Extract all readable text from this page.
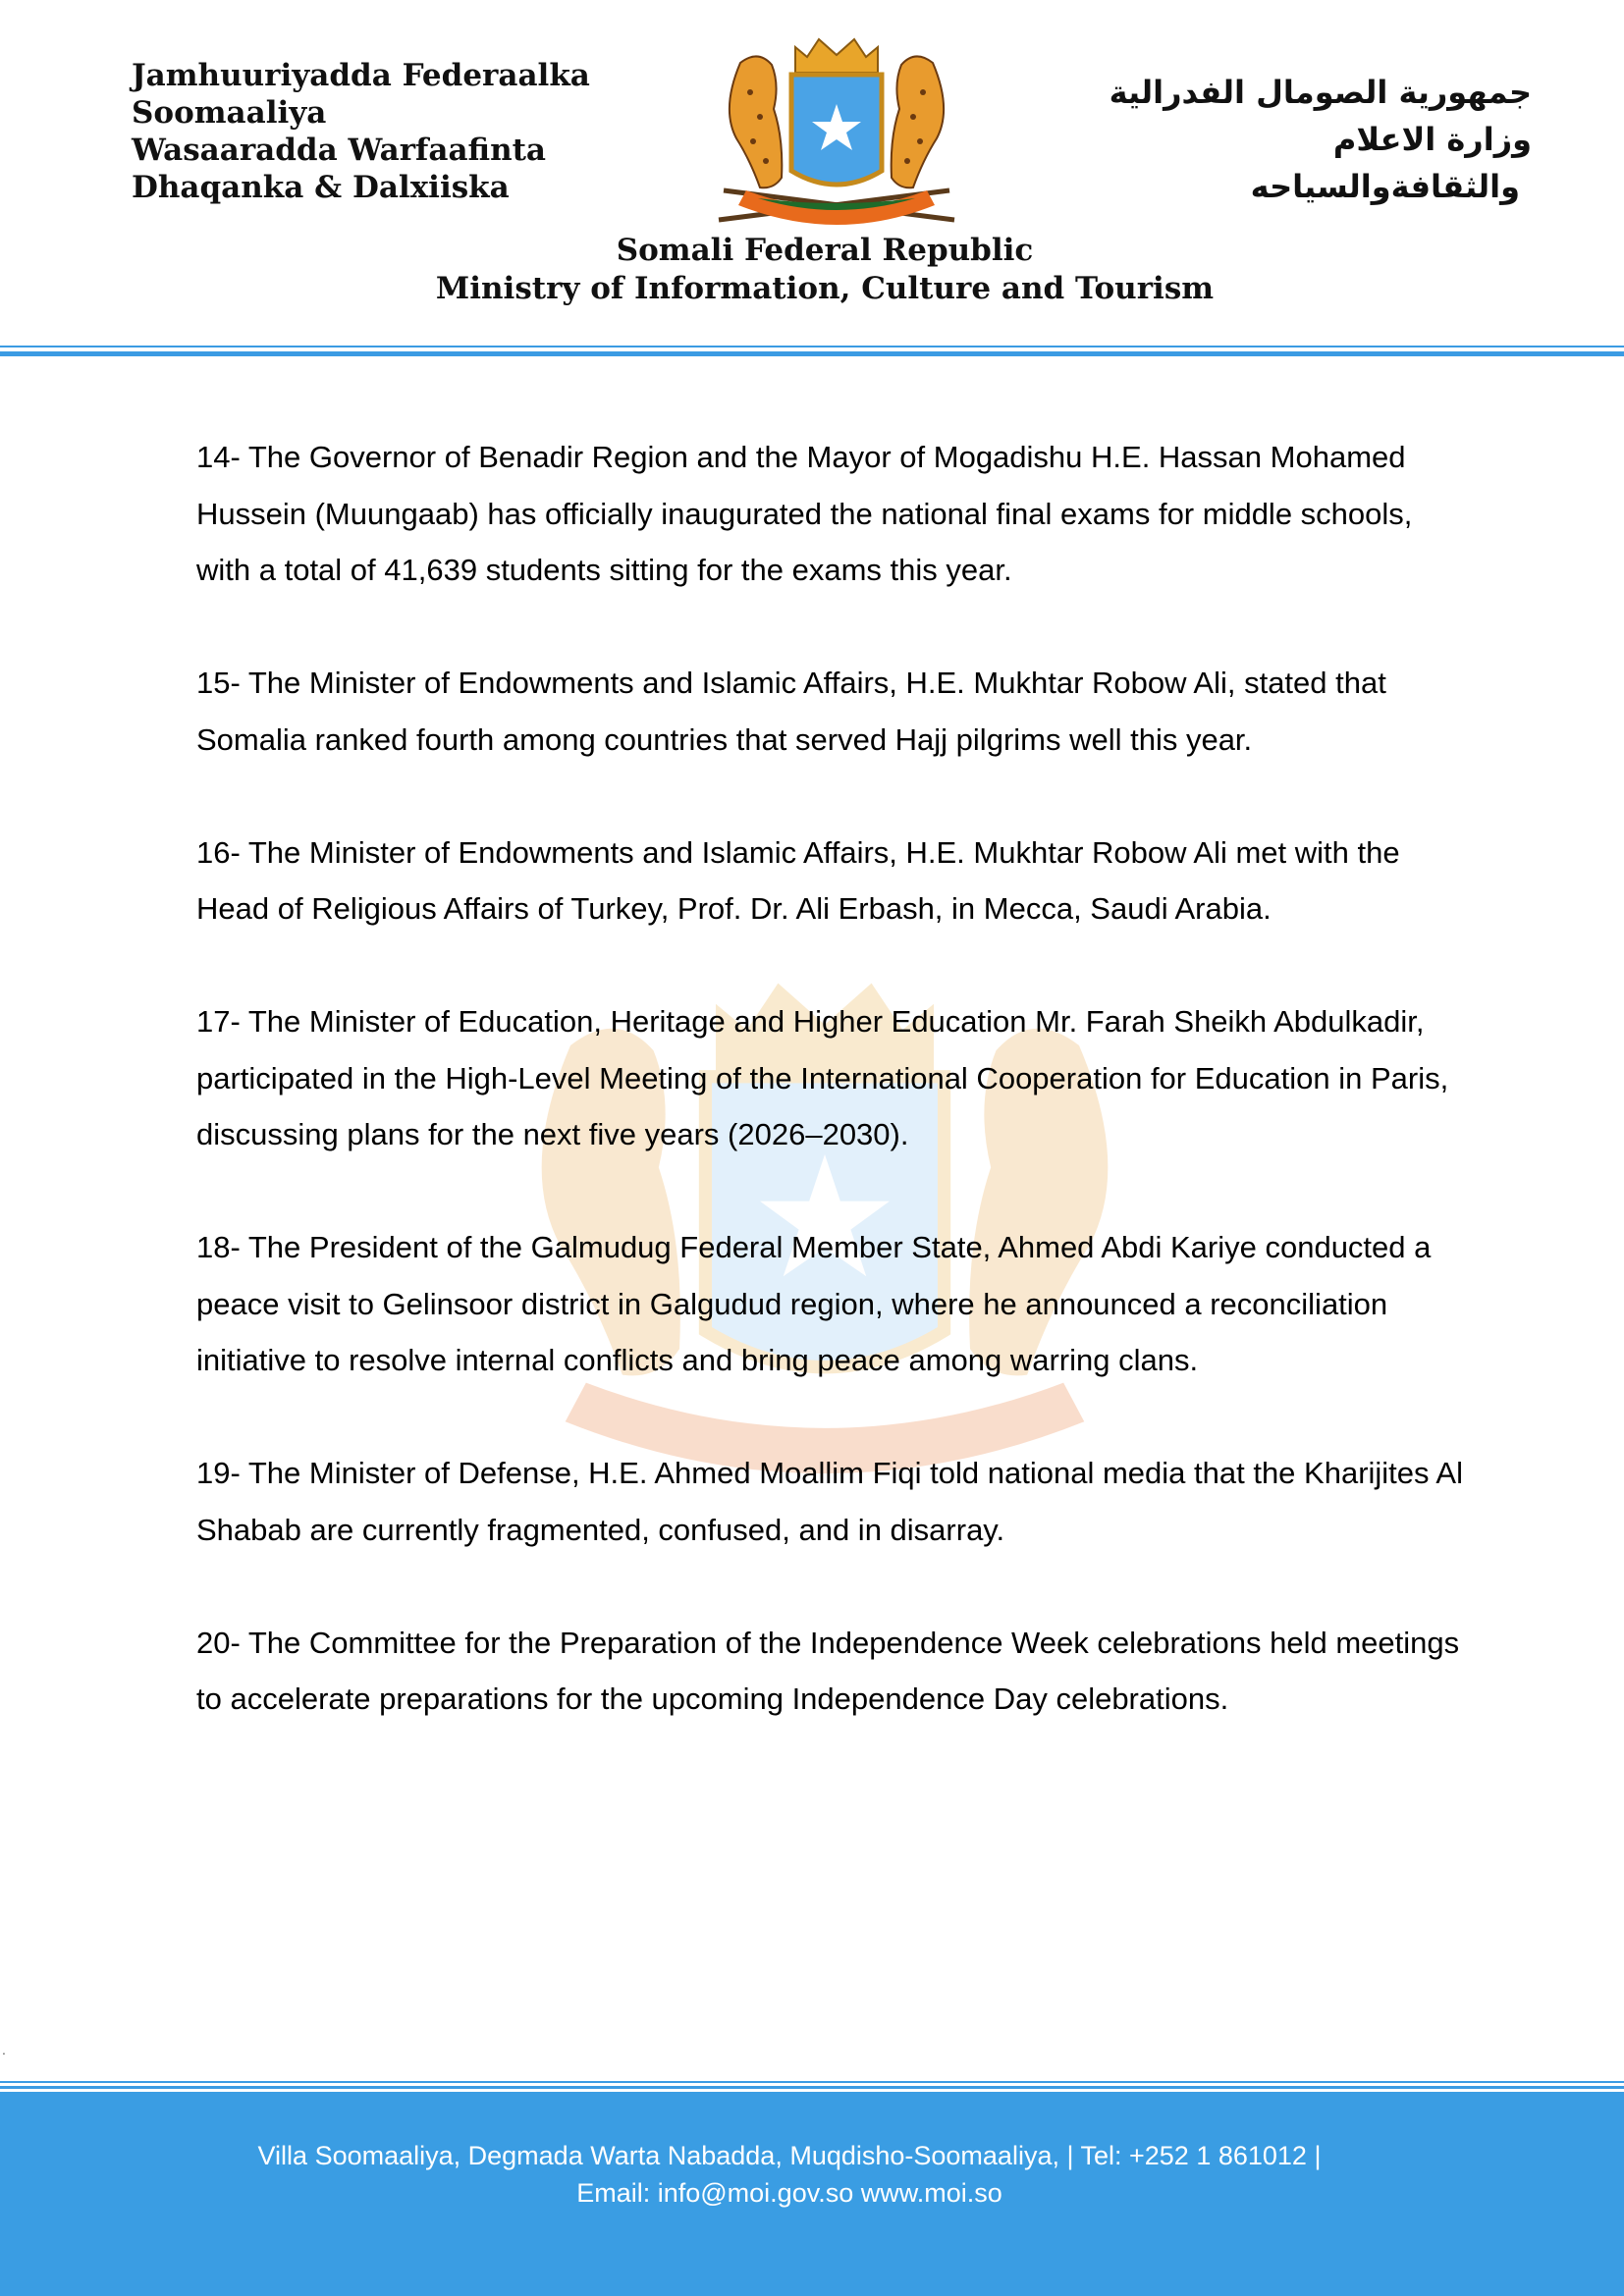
Jamhuuriyadda Federaalka
Soomaaliya
Wasaaradda Warfaafinta
Dhaqanka & Dalxiiska
جمهورية الصومال الفدرالية
وزارة الاعلام
والثقافةوالسياحه
Somali Federal Republic
Ministry of Information, Culture and Tourism

14- The Governor of Benadir Region and the Mayor of Mogadishu H.E. Hassan Mohamed Hussein (Muungaab) has officially inaugurated the national final exams for middle schools, with a total of 41,639 students sitting for the exams this year.

15- The Minister of Endowments and Islamic Affairs, H.E. Mukhtar Robow Ali, stated that Somalia ranked fourth among countries that served Hajj pilgrims well this year.

16- The Minister of Endowments and Islamic Affairs, H.E. Mukhtar Robow Ali met with the Head of Religious Affairs of Turkey, Prof. Dr. Ali Erbash, in Mecca, Saudi Arabia.

17- The Minister of Education, Heritage and Higher Education Mr. Farah Sheikh Abdulkadir, participated in the High-Level Meeting of the International Cooperation for Education in Paris, discussing plans for the next five years (2026–2030).

18- The President of the Galmudug Federal Member State, Ahmed Abdi Kariye conducted a peace visit to Gelinsoor district in Galgudud region, where he announced a reconciliation initiative to resolve internal conflicts and bring peace among warring clans.

19- The Minister of Defense, H.E. Ahmed Moallim Fiqi told national media that the Kharijites Al Shabab are currently fragmented, confused, and in disarray.

20- The Committee for the Preparation of the Independence Week celebrations held meetings to accelerate preparations for the upcoming Independence Day celebrations.

.
Villa Soomaaliya, Degmada Warta Nabadda, Muqdisho-Soomaaliya, | Tel: +252 1 861012 |
Email: info@moi.gov.so www.moi.so
